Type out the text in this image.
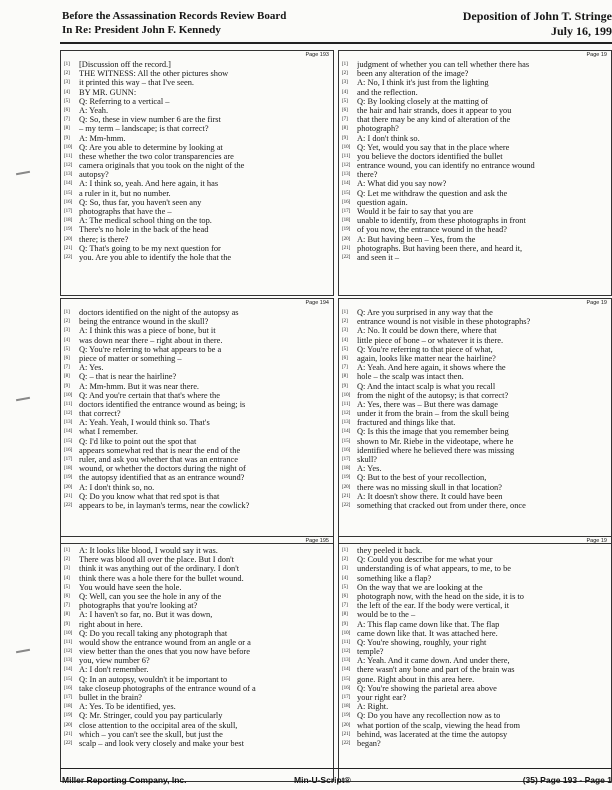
Before the Assassination Records Review Board
In Re: President John F. Kennedy
Deposition of John T. Stringe
July 16, 199
Page 193
[1]	[Discussion off the record.]
[2]	THE WITNESS: All the other pictures show
[3]	it printed this way – that I've seen.
[4]	BY MR. GUNN:
[5]	Q: Referring to a vertical –
[6]	A: Yeah.
[7]	Q: So, these in view number 6 are the first
[8]	– my term – landscape; is that correct?
[9]	A: Mm-hmm.
[10] Q: Are you able to determine by looking at
[11] these whether the two color transparencies are
[12] camera originals that you took on the night of the
[13] autopsy?
[14] A: I think so, yeah. And here again, it has
[15] a ruler in it, but no number.
[16] Q: So, thus far, you haven't seen any
[17] photographs that have the –
[18] A: The medical school thing on the top.
[19] There's no hole in the back of the head
[20] there; is there?
[21] Q: That's going to be my next question for
[22] you. Are you able to identify the hole that the
Page 19
[1]	judgment of whether you can tell whether there has
[2]	been any alteration of the image?
[3]	A: No, I think it's just from the lighting
[4]	and the reflection.
[5]	Q: By looking closely at the matting of
[6]	the hair and hair strands, does it appear to you
[7]	that there may be any kind of alteration of the
[8]	photograph?
[9]	A: I don't think so.
[10] Q: Yet, would you say that in the place where
[11] you believe the doctors identified the bullet
[12] entrance wound, you can identify no entrance wound
[13] there?
[14] A: What did you say now?
[15] Q: Let me withdraw the question and ask the
[16] question again.
[17] Would it be fair to say that you are
[18] unable to identify, from these photographs in front
[19] of you now, the entrance wound in the head?
[20] A: But having been – Yes, from the
[21] photographs. But having been there, and heard it,
[22] and seen it –
Page 194
[1]	doctors identified on the night of the autopsy as
[2]	being the entrance wound in the skull?
[3]	A: I think this was a piece of bone, but it
[4]	was down near there – right about in there.
[5]	Q: You're referring to what appears to be a
[6]	piece of matter or something –
[7]	A: Yes.
[8]	Q: – that is near the hairline?
[9]	A: Mm-hmm. But it was near there.
[10] Q: And you're certain that that's where the
[11] doctors identified the entrance wound as being; is
[12] that correct?
[13] A: Yeah. Yeah, I would think so. That's
[14] what I remember.
[15] Q: I'd like to point out the spot that
[16] appears somewhat red that is near the end of the
[17] ruler, and ask you whether that was an entrance
[18] wound, or whether the doctors during the night of
[19] the autopsy identified that as an entrance wound?
[20] A: I don't think so, no.
[21] Q: Do you know what that red spot is that
[22] appears to be, in layman's terms, near the cowlick?
Page 19
[1]	Q: Are you surprised in any way that the
[2]	entrance wound is not visible in these photographs?
[3]	A: No. It could be down there, where that
[4]	little piece of bone – or whatever it is there.
[5]	Q: You're referring to that piece of what,
[6]	again, looks like matter near the hairline?
[7]	A: Yeah. And here again, it shows where the
[8]	hole – the scalp was intact then.
[9]	Q: And the intact scalp is what you recall
[10] from the night of the autopsy; is that correct?
[11] A: Yes, there was – But there was damage
[12] under it from the brain – from the skull being
[13] fractured and things like that.
[14] Q: Is this the image that you remember being
[15] shown to Mr. Riebe in the videotape, where he
[16] identified where he believed there was missing
[17] skull?
[18] A: Yes.
[19] Q: But to the best of your recollection,
[20] there was no missing skull in that location?
[21] A: It doesn't show there. It could have been
[22] something that cracked out from under there, once
Page 195
[1]	A: It looks like blood, I would say it was.
[2]	There was blood all over the place. But I don't
[3]	think it was anything out of the ordinary. I don't
[4]	think there was a hole there for the bullet wound.
[5]	You would have seen the hole.
[6]	Q: Well, can you see the hole in any of the
[7]	photographs that you're looking at?
[8]	A: I haven't so far, no. But it was down,
[9]	right about in here.
[10] Q: Do you recall taking any photograph that
[11] would show the entrance wound from an angle or a
[12] view better than the ones that you now have before
[13] you, view number 6?
[14] A: I don't remember.
[15] Q: In an autopsy, wouldn't it be important to
[16] take closeup photographs of the entrance wound of a
[17] bullet in the brain?
[18] A: Yes. To be identified, yes.
[19] Q: Mr. Stringer, could you pay particularly
[20] close attention to the occipital area of the skull,
[21] which – you can't see the skull, but just the
[22] scalp – and look very closely and make your best
Page 19
[1]	they peeled it back.
[2]	Q: Could you describe for me what your
[3]	understanding is of what appears, to me, to be
[4]	something like a flap?
[5]	On the way that we are looking at the
[6]	photograph now, with the head on the side, it is to
[7]	the left of the ear. If the body were vertical, it
[8]	would be to the –
[9]	A: This flap came down like that. The flap
[10] came down like that. It was attached here.
[11] Q: You're showing, roughly, your right
[12] temple?
[13] A: Yeah. And it came down. And under there,
[14] there wasn't any bone and part of the brain was
[15] gone. Right about in this area here.
[16] Q: You're showing the parietal area above
[17] your right ear?
[18] A: Right.
[19] Q: Do you have any recollection now as to
[20] what portion of the scalp, viewing the head from
[21] behind, was lacerated at the time the autopsy
[22] began?
Miller Reporting Company, Inc.	Min-U-Script®	(35) Page 193 - Page 1
